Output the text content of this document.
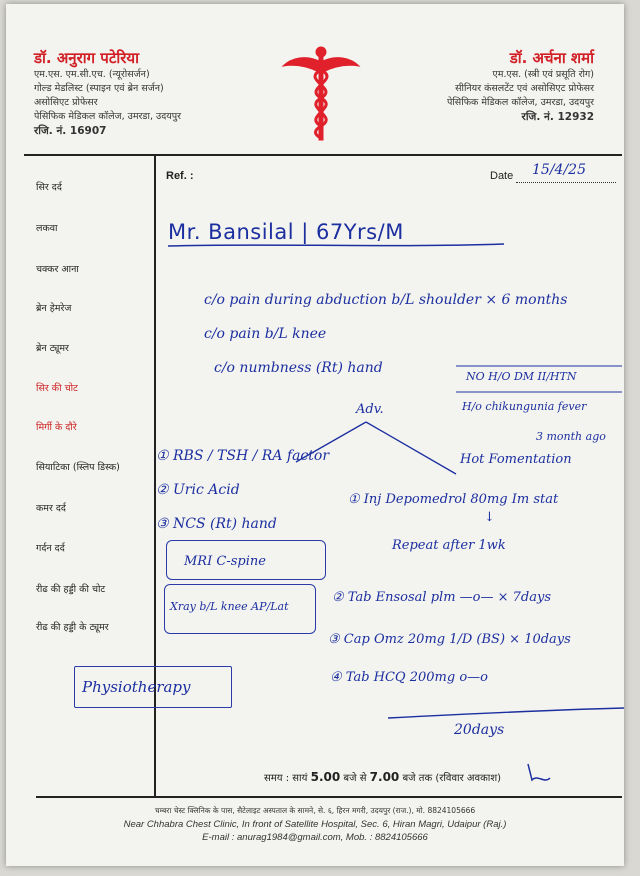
डॉ. अनुराग पटेरिया
एम.एस. एम.सी.एच. (न्यूरोसर्जन)
गोल्ड मेडलिस्ट (स्पाइन एवं ब्रेन सर्जन)
असोसिएट प्रोफेसर
पेसिफिक मेडिकल कॉलेज, उमरडा, उदयपुर
रजि. नं. 16907
डॉ. अर्चना शर्मा
एम.एस. (स्त्री एवं प्रसूति रोग)
सीनियर कंसलटेंट एवं असोसिएट प्रोफेसर
पेसिफिक मेडिकल कॉलेज, उमरडा, उदयपुर
रजि. नं. 12932
सिर दर्द
लकवा
चक्कर आना
ब्रेन हेमरेज
ब्रेन ट्यूमर
सिर की चोट
मिर्गी के दौरे
सियाटिका (स्लिप डिस्क)
कमर दर्द
गर्दन दर्द
रीढ की हड्डी की चोट
रीढ की हड्डी के ट्यूमर
Ref. :	Date 15/4/25
Mr. Bansilal | 67Yrs/M
c/o pain during abduction b/L shoulder × 6 months
c/o pain b/L knee
c/o numbness (Rt) hand
NO H/O DM II/HTN
H/o chikungunia fever
3 month ago
Adv.
Hot Fomentation
① RBS / TSH / RA factor
② Uric Acid
③ NCS (Rt) hand
MRI C-spine
Xray b/L knee AP/Lat
Physiotherapy
① Inj Depomedrol 80mg Im stat
↓
Repeat after 1wk
② Tab Ensosal plm —o— × 7days
③ Cap Omz 20mg 1/D (BS) × 10days
④ Tab HCQ 200mg o—o
20days
समय : सायं 5.00 बजे से 7.00 बजे तक (रविवार अवकाश)
चम्बरा चेस्ट क्लिनिक के पास, सैटेलाइट अस्पताल के सामने, से. ६, हिरन मगरी, उदयपुर (राज.), मो. 8824105666
Near Chhabra Chest Clinic, In front of Satellite Hospital, Sec. 6, Hiran Magri, Udaipur (Raj.)
E-mail : anurag1984@gmail.com, Mob. : 8824105666
